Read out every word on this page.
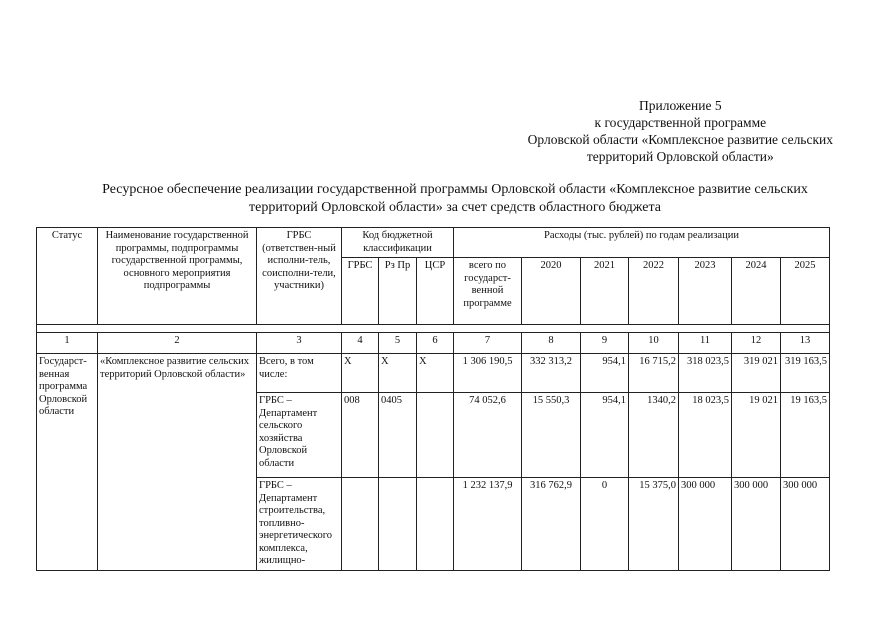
Приложение 5
к государственной программе
Орловской области «Комплексное развитие сельских
территорий Орловской области»
Ресурсное обеспечение реализации государственной программы Орловской области «Комплексное развитие сельских
территорий Орловской области» за счет средств областного бюджета
Статус	Наименование государственной программы, подпрограммы государственной программы, основного мероприятия подпрограммы	ГРБС (ответствен-ный исполни-тель, соисполни-тели, участники)	Код бюджетной классификации			Расходы (тыс. рублей) по годам реализации						
			ГРБС	Рз Пр	ЦСР	всего по государст-венной программе	2020	2021	2022	2023	2024	2025

1	2	3	4	5	6	7	8	9	10	11	12	13
Государст-венная программа Орловской области	«Комплексное развитие сельских территорий Орловской области»	Всего, в том числе:	Х	Х	Х	1 306 190,5	332 313,2	954,1	16 715,2	318 023,5	319 021	319 163,5
		ГРБС – Департамент сельского хозяйства Орловской области	008	0405		74 052,6	15 550,3	954,1	1340,2	18 023,5	19 021	19 163,5
		ГРБС – Департамент строительства, топливно-энергетического комплекса, жилищно-				1 232 137,9	316 762,9	0	15 375,0	300 000	300 000	300 000
